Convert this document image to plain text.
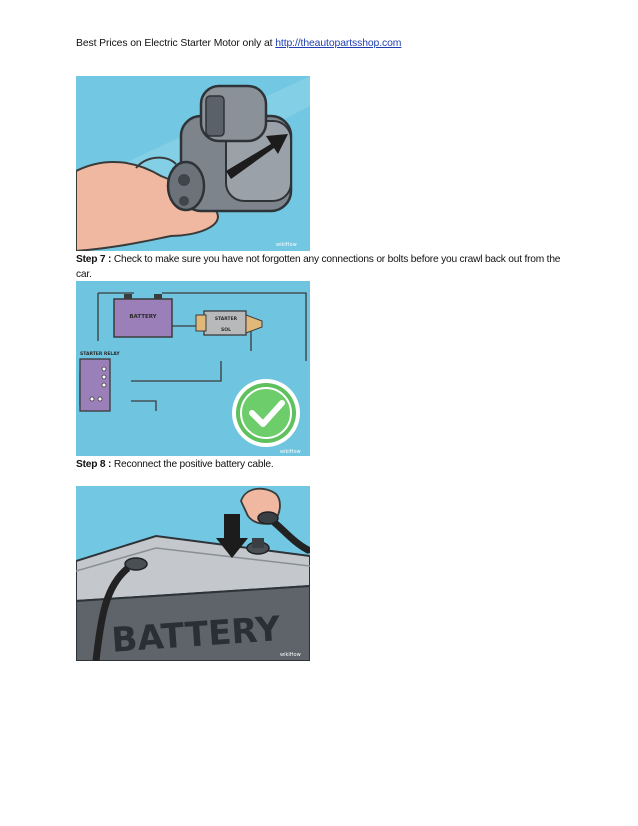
Best Prices on Electric Starter Motor only at http://theautopartsshop.com
wikiHow
Step 7 : Check to make sure you have not forgotten any connections or bolts before you crawl back out from the car.
BATTERY	STARTER
SOL
STARTER RELAY
wikiHow
Step 8 : Reconnect the positive battery cable.
BATTERY
wikiHow
